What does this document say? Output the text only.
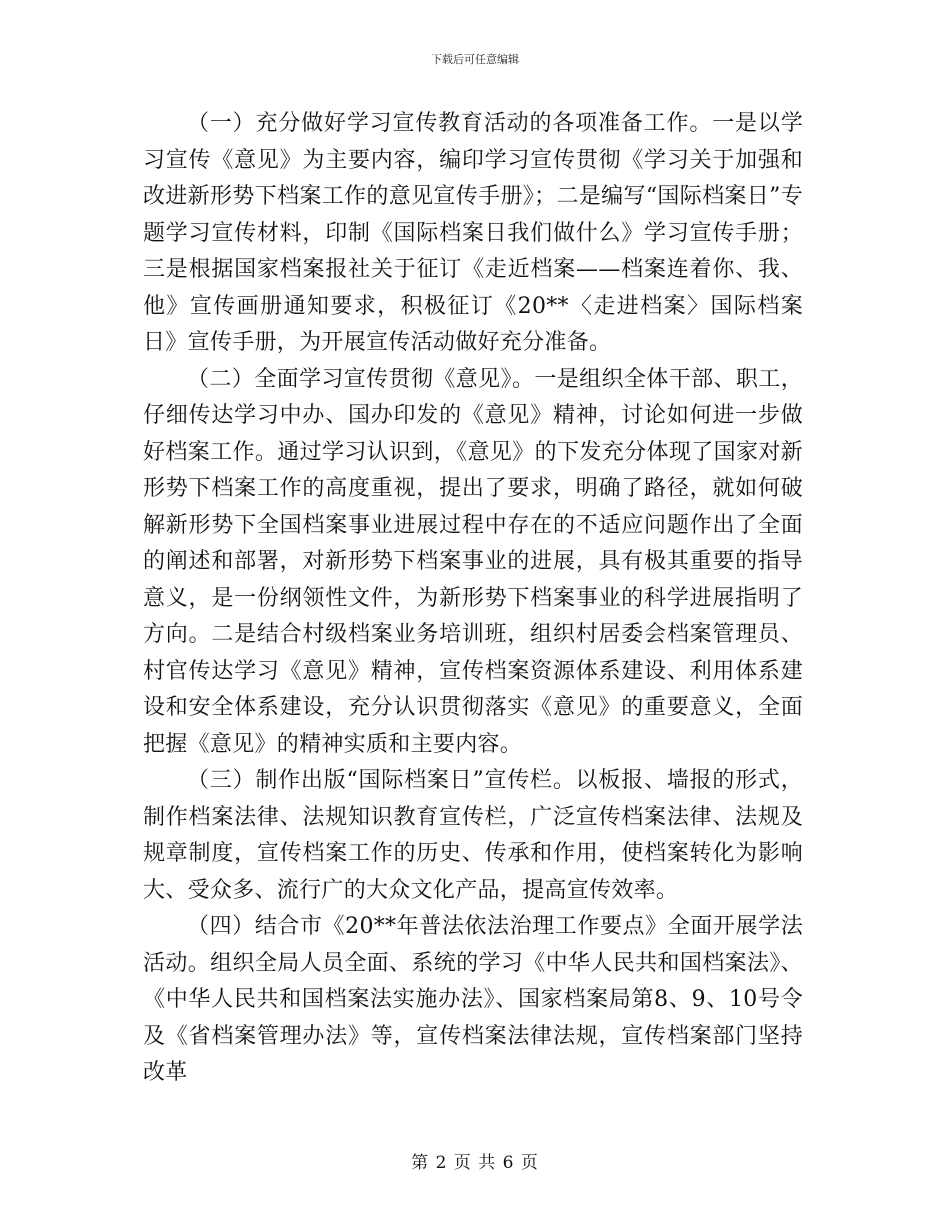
下载后可任意编辑

（一）充分做好学习宣传教育活动的各项准备工作。一是以学习宣传《意见》为主要内容，编印学习宣传贯彻《学习关于加强和改进新形势下档案工作的意见宣传手册》；二是编写“国际档案日”专题学习宣传材料，印制《国际档案日我们做什么》学习宣传手册；三是根据国家档案报社关于征订《走近档案——档案连着你、我、他》宣传画册通知要求，积极征订《20**〈走进档案〉国际档案日》宣传手册，为开展宣传活动做好充分准备。

（二）全面学习宣传贯彻《意见》。一是组织全体干部、职工，仔细传达学习中办、国办印发的《意见》精神，讨论如何进一步做好档案工作。通过学习认识到，《意见》的下发充分体现了国家对新形势下档案工作的高度重视，提出了要求，明确了路径，就如何破解新形势下全国档案事业进展过程中存在的不适应问题作出了全面的阐述和部署，对新形势下档案事业的进展，具有极其重要的指导意义，是一份纲领性文件，为新形势下档案事业的科学进展指明了方向。二是结合村级档案业务培训班，组织村居委会档案管理员、村官传达学习《意见》精神，宣传档案资源体系建设、利用体系建设和安全体系建设，充分认识贯彻落实《意见》的重要意义，全面把握《意见》的精神实质和主要内容。

（三）制作出版“国际档案日”宣传栏。以板报、墙报的形式，制作档案法律、法规知识教育宣传栏，广泛宣传档案法律、法规及规章制度，宣传档案工作的历史、传承和作用，使档案转化为影响大、受众多、流行广的大众文化产品，提高宣传效率。

（四）结合市《20**年普法依法治理工作要点》全面开展学法活动。组织全局人员全面、系统的学习《中华人民共和国档案法》、《中华人民共和国档案法实施办法》、国家档案局第8、9、10号令及《省档案管理办法》等，宣传档案法律法规，宣传档案部门坚持改革

第 2 页 共 6 页
